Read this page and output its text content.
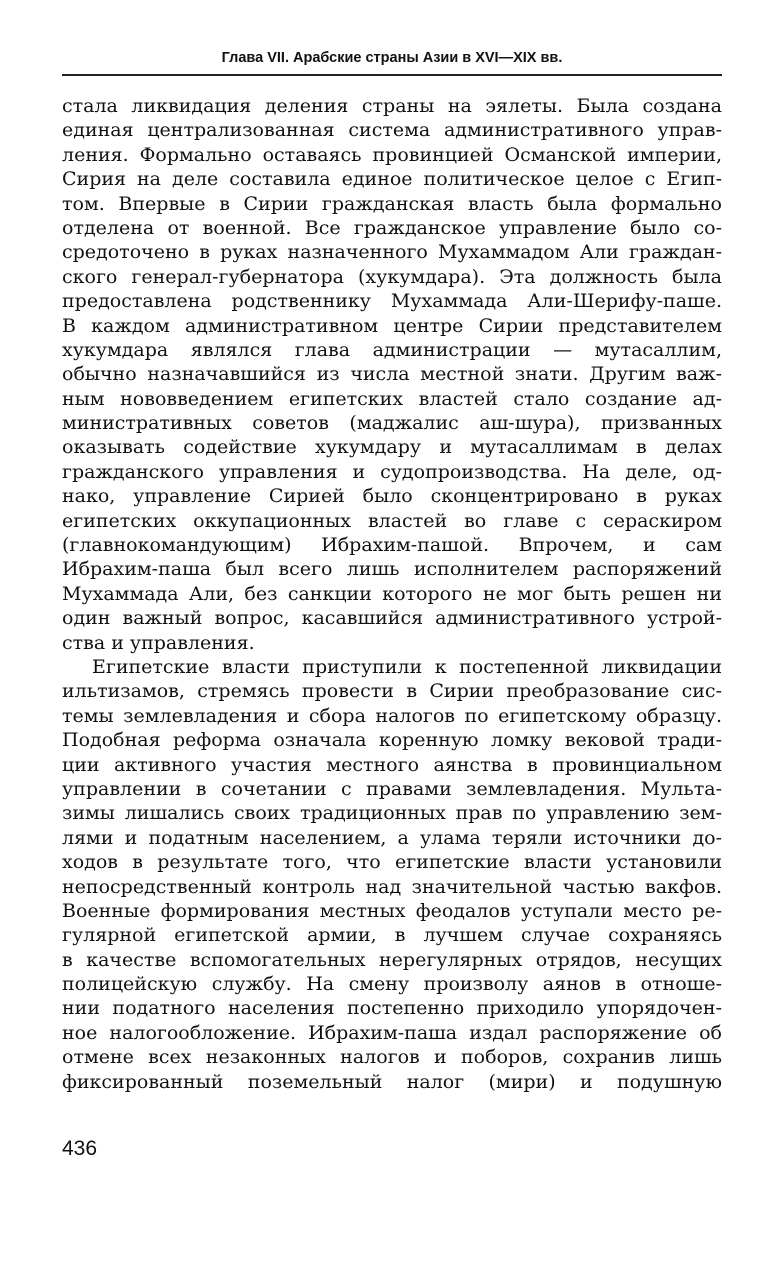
Глава VII. Арабские страны Азии в XVI—XIX вв.
стала ликвидация деления страны на эялеты. Была создана
единая централизованная система административного управ-
ления. Формально оставаясь провинцией Османской империи,
Сирия на деле составила единое политическое целое с Егип-
том. Впервые в Сирии гражданская власть была формально
отделена от военной. Все гражданское управление было со-
средоточено в руках назначенного Мухаммадом Али граждан-
ского генерал-губернатора (хукумдара). Эта должность была
предоставлена родственнику Мухаммада Али-Шерифу-паше.
В каждом административном центре Сирии представителем
хукумдара являлся глава администрации — мутасаллим,
обычно назначавшийся из числа местной знати. Другим важ-
ным нововведением египетских властей стало создание ад-
министративных советов (маджалис аш-шура), призванных
оказывать содействие хукумдару и мутасаллимам в делах
гражданского управления и судопроизводства. На деле, од-
нако, управление Сирией было сконцентрировано в руках
египетских оккупационных властей во главе с сераскиром
(главнокомандующим) Ибрахим-пашой. Впрочем, и сам
Ибрахим-паша был всего лишь исполнителем распоряжений
Мухаммада Али, без санкции которого не мог быть решен ни
один важный вопрос, касавшийся административного устрой-
ства и управления.
Египетские власти приступили к постепенной ликвидации
ильтизамов, стремясь провести в Сирии преобразование сис-
темы землевладения и сбора налогов по египетскому образцу.
Подобная реформа означала коренную ломку вековой тради-
ции активного участия местного аянства в провинциальном
управлении в сочетании с правами землевладения. Мульта-
зимы лишались своих традиционных прав по управлению зем-
лями и податным населением, а улама теряли источники до-
ходов в результате того, что египетские власти установили
непосредственный контроль над значительной частью вакфов.
Военные формирования местных феодалов уступали место ре-
гулярной египетской армии, в лучшем случае сохраняясь
в качестве вспомогательных нерегулярных отрядов, несущих
полицейскую службу. На смену произволу аянов в отноше-
нии податного населения постепенно приходило упорядочен-
ное налогообложение. Ибрахим-паша издал распоряжение об
отмене всех незаконных налогов и поборов, сохранив лишь
фиксированный поземельный налог (мири) и подушную
436
